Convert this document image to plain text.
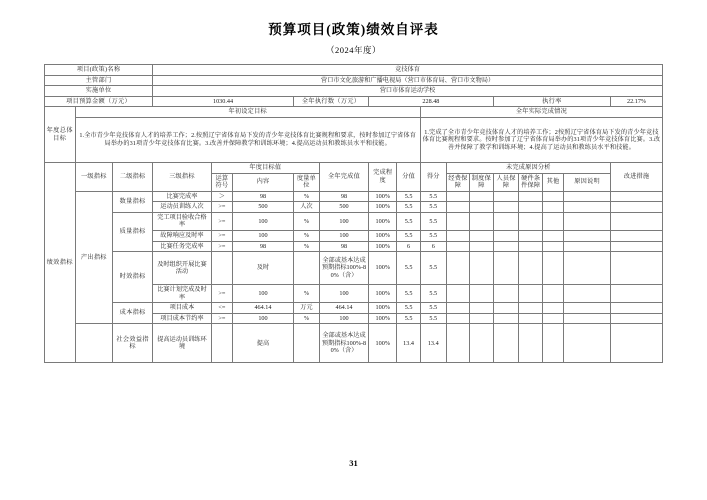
预算项目(政策)绩效自评表
（2024年度）
项目(政策)名称			竞技体育														
主管部门			营口市文化旅游和广播电视局（营口市体育局、营口市文物局）														
实施单位			营口市体育运动学校														
项目预算金额（万元）			1030.44			全年执行数（万元）		228.48					执行率				22.17%
年度总体目标	年初设定目标									全年实际完成情况							
	1.全市青少年竞技体育人才的培养工作；2.按照辽宁省体育局下发的青少年竞技体育比赛规程和要求，按时参加辽宁省体育局举办的31项青少年竞技体育比赛。3.改善并保障教学和训练环境；4.提高运动员和教练员水平和技能。									1.完成了全市青少年竞技体育人才的培养工作；2按照辽宁省体育局下发的青少年竞技体育比赛规程和要求。按时参加了辽宁省体育局举办的31项青少年竞技体育比赛。3.改善并保障了教学和训练环境；4.提高了运动员和教练员水平和技能。							
绩效指标	一级指标	二级指标	三级指标	年度目标值			全年完成值	完成程度	分值	得分	未完成原因分析						改进措施
				运算符号	内容	度量单位					经费保障	制度保障	人员保障	硬件条件保障	其他	原因说明	
	产出指标	数量指标	比赛完成率	＞	98	%	98	100%	5.5	5.5							
			运动员训练人次	>=	500	人次	500	100%	5.5	5.5							
		质量指标	完工项目验收合格率	>=	100	%	100	100%	5.5	5.5							
			故障响应及时率	>=	100	%	100	100%	5.5	5.5							
			比赛任务完成率	>=	98	%	98	100%	6	6							
		时效指标	及时组织开展比赛活动		及时		全部或基本达成预期指标100%-80%（含）	100%	5.5	5.5							
			比赛计划完成及时率	>=	100	%	100	100%	5.5	5.5							
		成本指标	项目成本	<=	464.14	万元	464.14	100%	5.5	5.5							
			项目成本节约率	>=	100	%	100	100%	5.5	5.5							
		社会效益指标	提高运动员训练环境		提高		全部或基本达成预期指标100%-80%（含）	100%	13.4	13.4							
31
